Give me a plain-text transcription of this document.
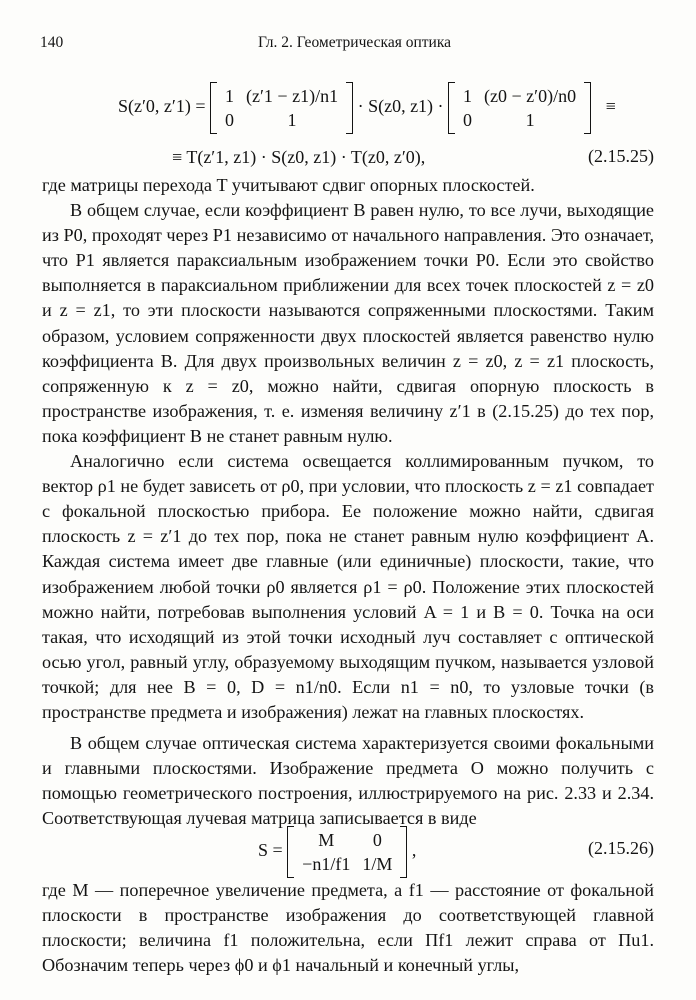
140	Гл. 2. Геометрическая оптика
S(z′0, z′1) =
1	(z′1 − z1)/n1
0	1
· S(z0, z1) ·
1	(z0 − z′0)/n0
0	1
≡
≡ T(z′1, z1) · S(z0, z1) · T(z0, z′0),	(2.15.25)

где матрицы перехода T учитывают сдвиг опорных плоскостей.

В общем случае, если коэффициент B равен нулю, то все лучи, выходящие из P0, проходят через P1 независимо от начального направления. Это означает, что P1 является параксиальным изображением точки P0. Если это свойство выполняется в параксиальном приближении для всех точек плоскостей z = z0 и z = z1, то эти плоскости называются сопряженными плоскостями. Таким образом, условием сопряженности двух плоскостей является равенство нулю коэффициента B. Для двух произвольных величин z = z0, z = z1 плоскость, сопряженную к z = z0, можно найти, сдвигая опорную плоскость в пространстве изображения, т. е. изменяя величину z′1 в (2.15.25) до тех пор, пока коэффициент B не станет равным нулю.

Аналогично если система освещается коллимированным пучком, то вектор ρ1 не будет зависеть от ρ0, при условии, что плоскость z = z1 совпадает с фокальной плоскостью прибора. Ее положение можно найти, сдвигая плоскость z = z′1 до тех пор, пока не станет равным нулю коэффициент A. Каждая система имеет две главные (или единичные) плоскости, такие, что изображением любой точки ρ0 является ρ1 = ρ0. Положение этих плоскостей можно найти, потребовав выполнения условий A = 1 и B = 0. Точка на оси такая, что исходящий из этой точки исходный луч составляет с оптической осью угол, равный углу, образуемому выходящим пучком, называется узловой точкой; для нее B = 0, D = n1/n0. Если n1 = n0, то узловые точки (в пространстве предмета и изображения) лежат на главных плоскостях.

В общем случае оптическая система характеризуется своими фокальными и главными плоскостями. Изображение предмета O можно получить с помощью геометрического построения, иллюстрируемого на рис. 2.33 и 2.34. Соответствующая лучевая матрица записывается в виде

S =
M	0
−n1/f1	1/M
,	(2.15.26)

где M — поперечное увеличение предмета, а f1 — расстояние от фокальной плоскости в пространстве изображения до соответствующей главной плоскости; величина f1 положительна, если Πf1 лежит справа от Πu1. Обозначим теперь через ϕ0 и ϕ1 начальный и конечный углы,
